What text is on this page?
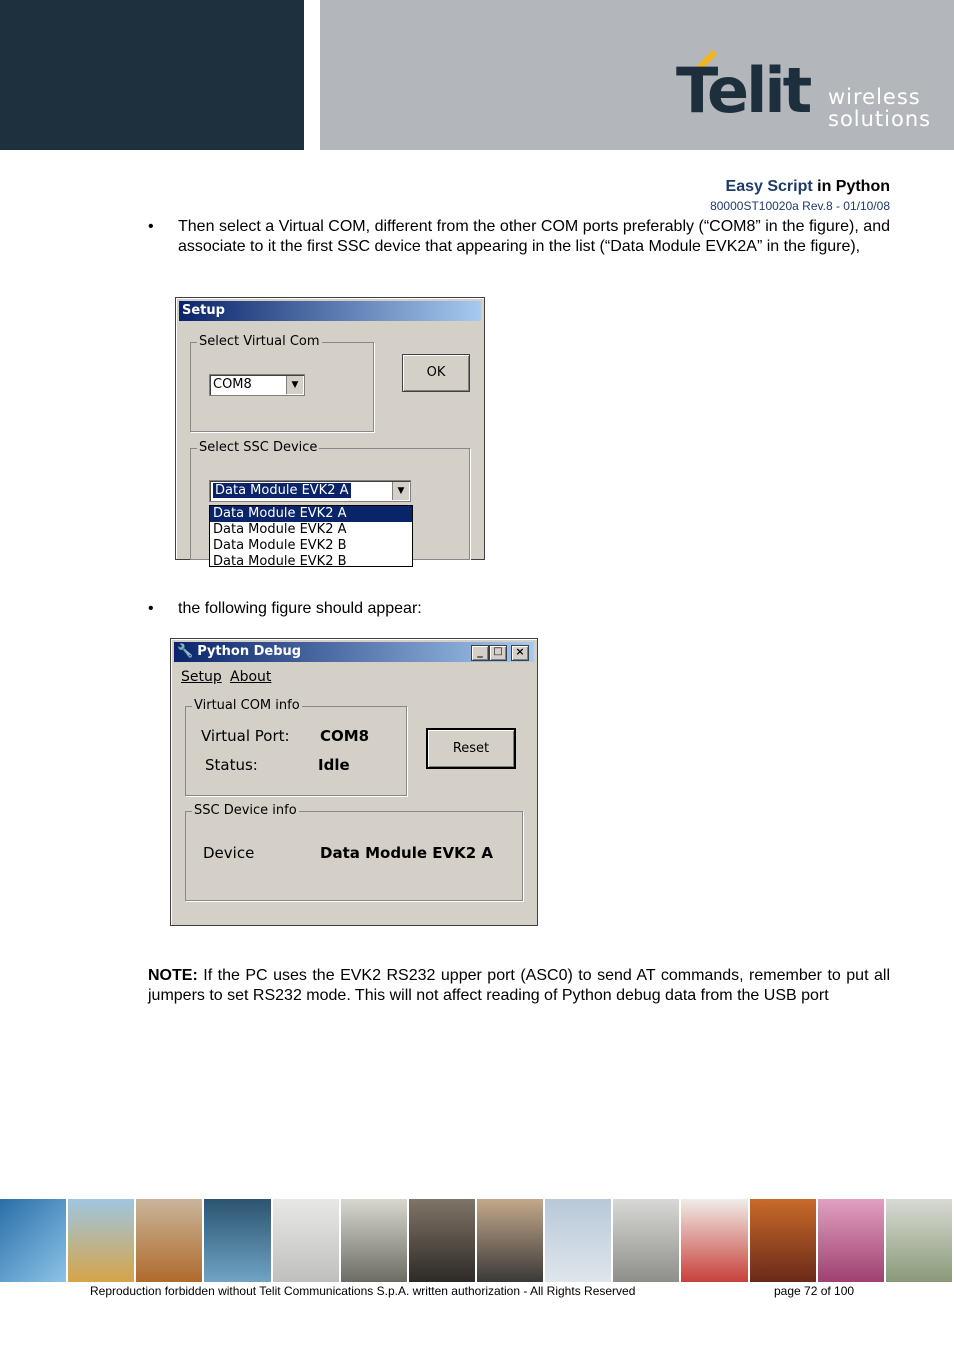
Telit wireless
solutions
Easy Script in Python
80000ST10020a Rev.8 - 01/10/08
• Then select a Virtual COM, different from the other COM ports preferably (“COM8” in the figure), and associate to it the first SSC device that appearing in the list (“Data Module EVK2A” in the figure),
Setup
Select Virtual Com
COM8	▼
OK
Select SSC Device
Data Module EVK2 A	▼
Data Module EVK2 A
Data Module EVK2 A
Data Module EVK2 B
Data Module EVK2 B
• the following figure should appear:
🔧 Python Debug	_	□	×
Setup About
Virtual COM info
Virtual Port: COM8
Status:	Idle
Reset
SSC Device info
Device	Data Module EVK2 A
NOTE: If the PC uses the EVK2 RS232 upper port (ASC0) to send AT commands, remember to put all jumpers to set RS232 mode. This will not affect reading of Python debug data from the USB port
Reproduction forbidden without Telit Communications S.p.A. written authorization - All Rights Reserved	page 72 of 100
